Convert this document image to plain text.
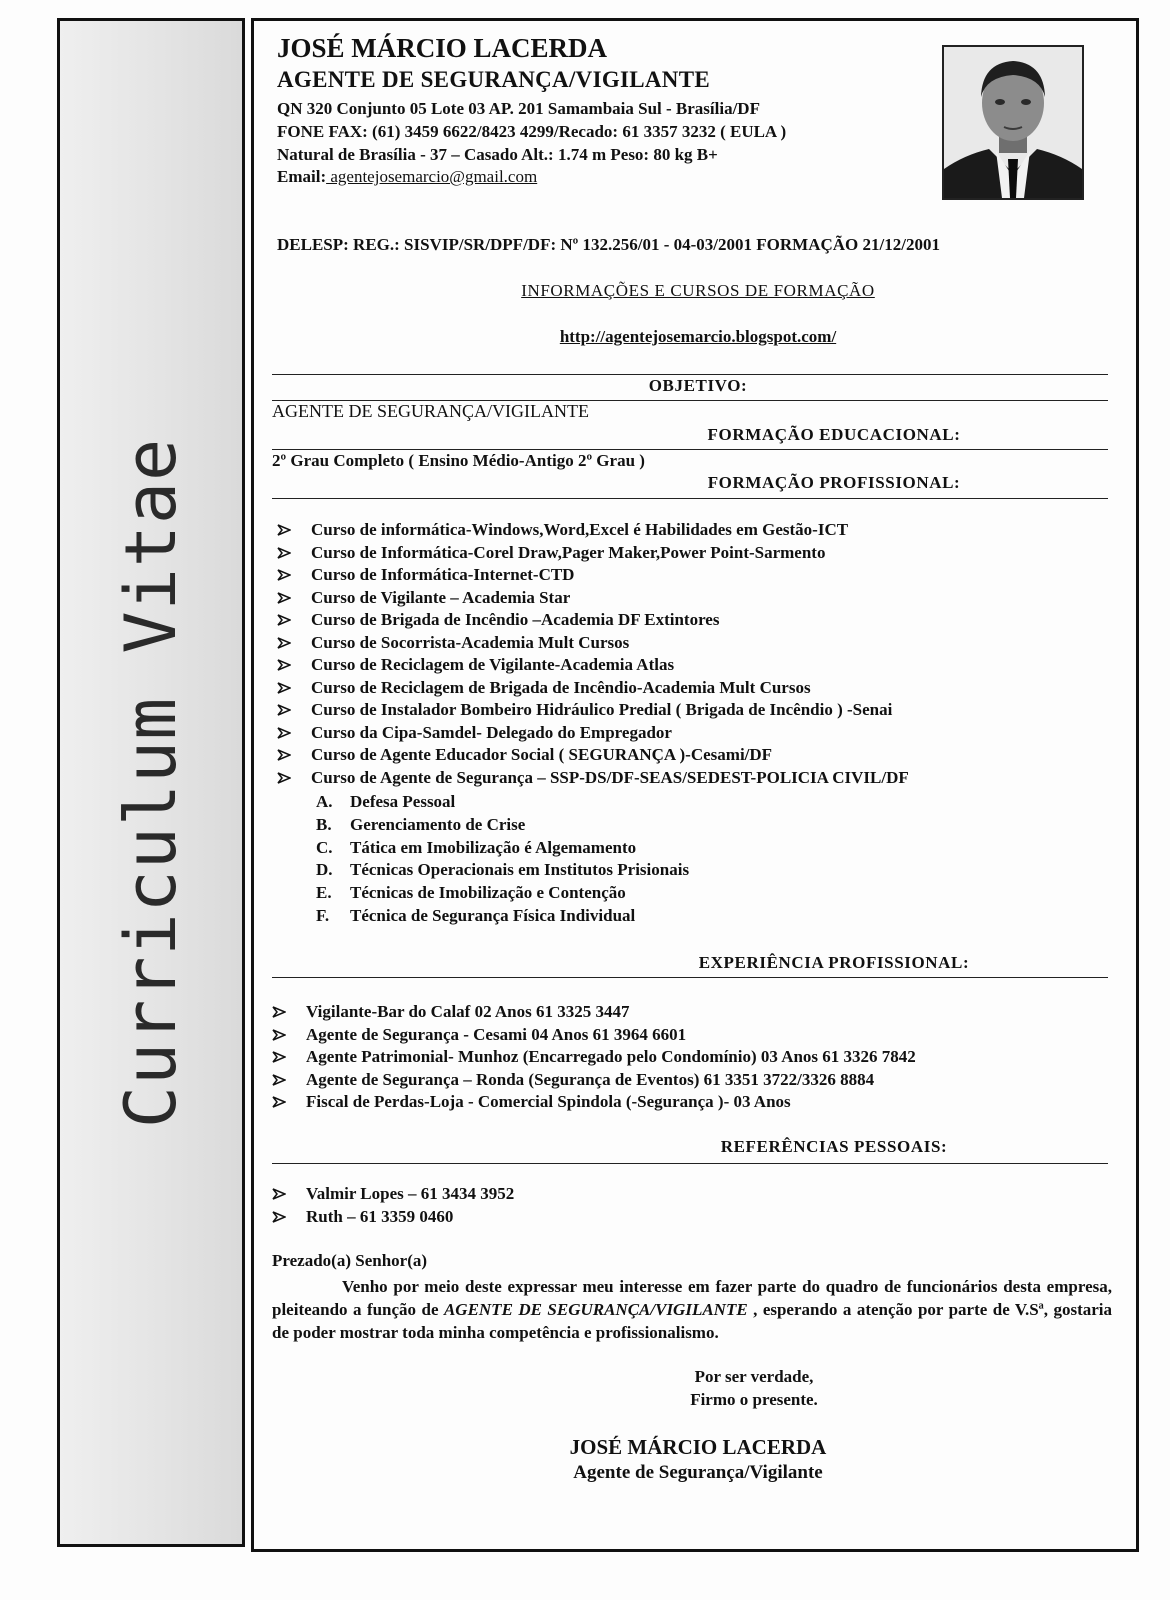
Curriculum Vitae
JOSÉ MÁRCIO LACERDA
AGENTE DE SEGURANÇA/VIGILANTE
QN 320 Conjunto 05 Lote 03 AP. 201 Samambaia Sul - Brasília/DF
FONE FAX: (61) 3459 6622/8423 4299/Recado: 61 3357 3232 ( EULA )
Natural de Brasília - 37 – Casado Alt.: 1.74 m Peso: 80 kg B+
Email: agentejosemarcio@gmail.com
DELESP: REG.: SISVIP/SR/DPF/DF: Nº 132.256/01 - 04-03/2001 FORMAÇÃO 21/12/2001
INFORMAÇÕES E CURSOS DE FORMAÇÃO
http://agentejosemarcio.blogspot.com/
OBJETIVO:
AGENTE DE SEGURANÇA/VIGILANTE
FORMAÇÃO EDUCACIONAL:
2º Grau Completo ( Ensino Médio-Antigo 2º Grau )
FORMAÇÃO PROFISSIONAL:
Curso de informática-Windows,Word,Excel é Habilidades em Gestão-ICT
Curso de Informática-Corel Draw,Pager Maker,Power Point-Sarmento
Curso de Informática-Internet-CTD
Curso de Vigilante – Academia Star
Curso de Brigada de Incêndio –Academia DF Extintores
Curso de Socorrista-Academia Mult Cursos
Curso de Reciclagem de Vigilante-Academia Atlas
Curso de Reciclagem de Brigada de Incêndio-Academia Mult Cursos
Curso de Instalador Bombeiro Hidráulico Predial ( Brigada de Incêndio ) -Senai
Curso da Cipa-Samdel- Delegado do Empregador
Curso de Agente Educador Social ( SEGURANÇA )-Cesami/DF
Curso de Agente de Segurança – SSP-DS/DF-SEAS/SEDEST-POLICIA CIVIL/DF
A.	Defesa Pessoal
B.	Gerenciamento de Crise
C.	Tática em Imobilização é Algemamento
D.	Técnicas Operacionais em Institutos Prisionais
E.	Técnicas de Imobilização e Contenção
F.	Técnica de Segurança Física Individual
EXPERIÊNCIA PROFISSIONAL:
Vigilante-Bar do Calaf 02 Anos 61 3325 3447
Agente de Segurança - Cesami 04 Anos 61 3964 6601
Agente Patrimonial- Munhoz (Encarregado pelo Condomínio) 03 Anos 61 3326 7842
Agente de Segurança – Ronda (Segurança de Eventos) 61 3351 3722/3326 8884
Fiscal de Perdas-Loja - Comercial Spindola (-Segurança )- 03 Anos
REFERÊNCIAS PESSOAIS:
Valmir Lopes – 61 3434 3952
Ruth – 61 3359 0460
Prezado(a) Senhor(a)
Venho por meio deste expressar meu interesse em fazer parte do quadro de funcionários desta empresa, pleiteando a função de AGENTE DE SEGURANÇA/VIGILANTE , esperando a atenção por parte de V.Sª, gostaria de poder mostrar toda minha competência e profissionalismo.
Por ser verdade,
Firmo o presente.
JOSÉ MÁRCIO LACERDA
Agente de Segurança/Vigilante
